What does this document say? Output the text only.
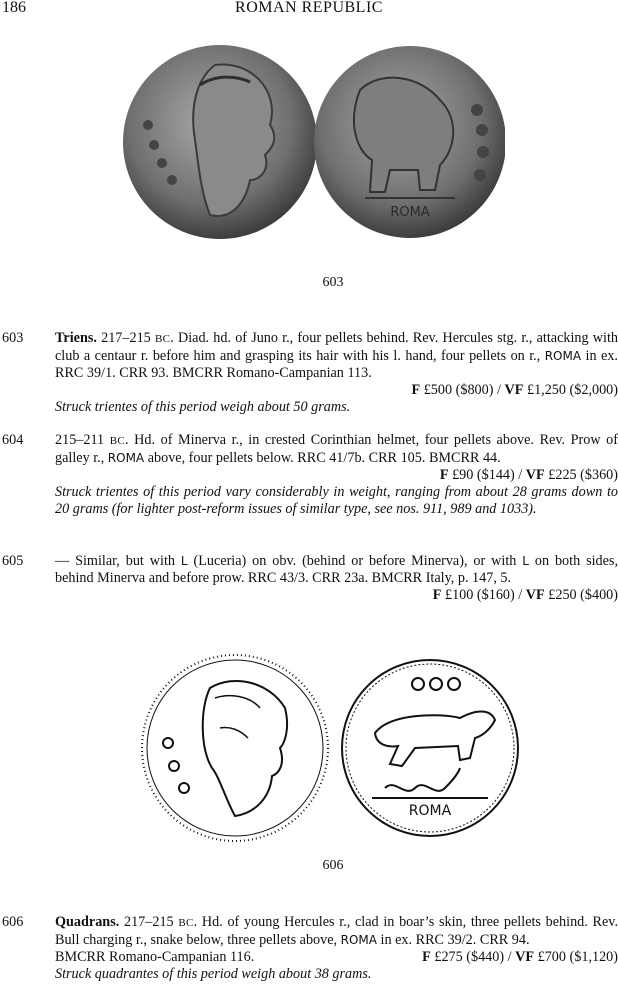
ROMAN REPUBLIC
186
ROMA
603
603	Triens. 217–215 BC. Diad. hd. of Juno r., four pellets behind. Rev. Hercules stg. r., attacking with club a centaur r. before him and grasping its hair with his l. hand, four pellets on r., ROMA in ex. RRC 39/1. CRR 93. BMCRR Romano-Campanian 113.
F £500 ($800) / VF £1,250 ($2,000)
Struck trientes of this period weigh about 50 grams.
604	215–211 BC. Hd. of Minerva r., in crested Corinthian helmet, four pellets above. Rev. Prow of galley r., ROMA above, four pellets below. RRC 41/7b. CRR 105. BMCRR 44.
F £90 ($144) / VF £225 ($360)
Struck trientes of this period vary considerably in weight, ranging from about 28 grams down to 20 grams (for lighter post-reform issues of similar type, see nos. 911, 989 and 1033).
605	— Similar, but with L (Luceria) on obv. (behind or before Minerva), or with L on both sides, behind Minerva and before prow. RRC 43/3. CRR 23a. BMCRR Italy, p. 147, 5.
F £100 ($160) / VF £250 ($400)
ROMA
606
606	Quadrans. 217–215 BC. Hd. of young Hercules r., clad in boar’s skin, three pellets behind. Rev. Bull charging r., snake below, three pellets above, ROMA in ex. RRC 39/2. CRR 94.
BMCRR Romano-Campanian 116.	F £275 ($440) / VF £700 ($1,120)
Struck quadrantes of this period weigh about 38 grams.
